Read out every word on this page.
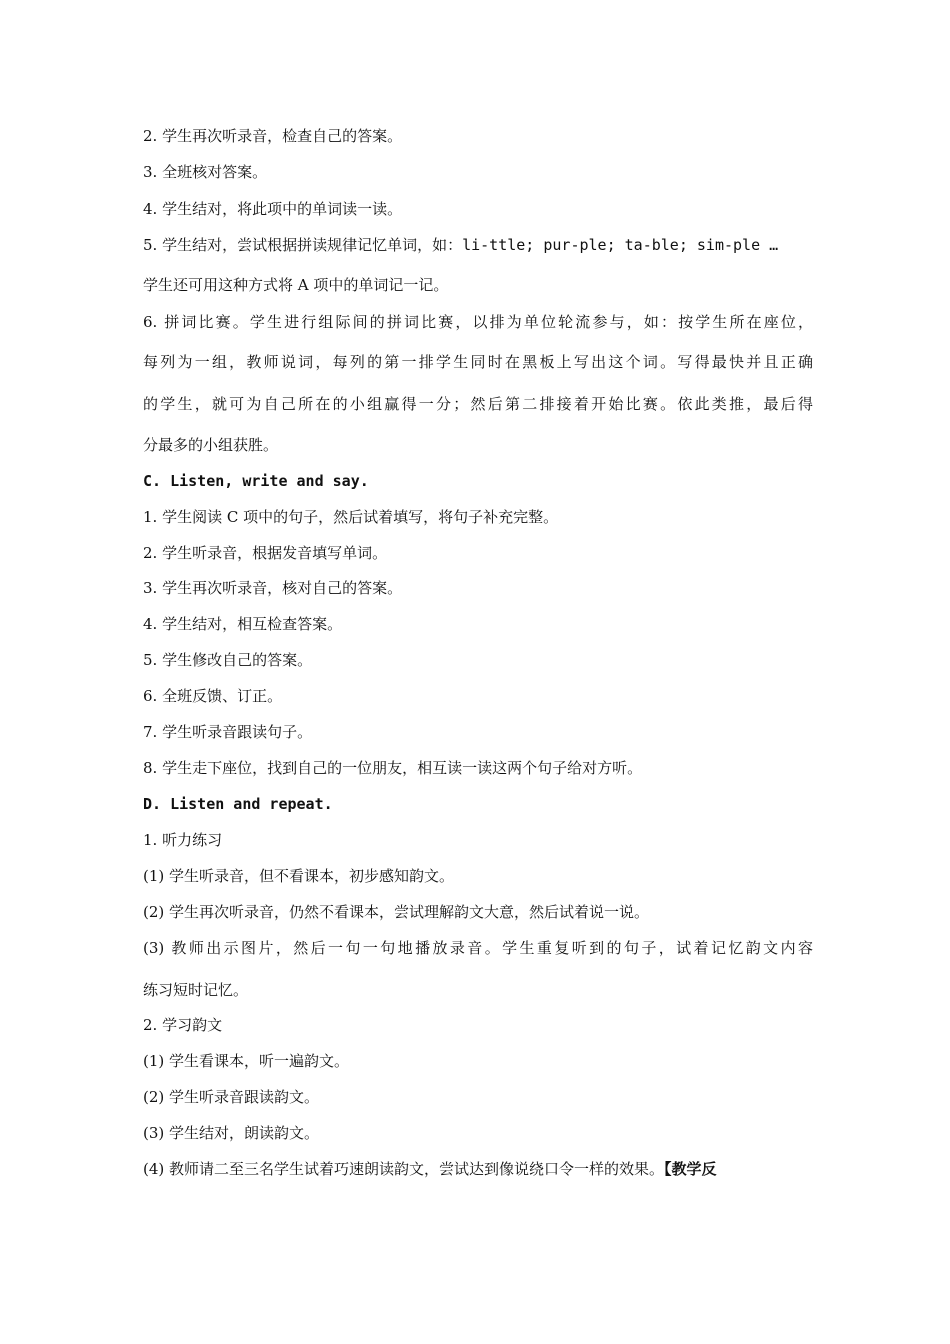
2. 学生再次听录音，检查自己的答案。
3. 全班核对答案。
4. 学生结对，将此项中的单词读一读。
5. 学生结对，尝试根据拼读规律记忆单词，如：li-ttle; pur-ple; ta-ble; sim-ple …
学生还可用这种方式将 A 项中的单词记一记。
6. 拼词比赛。学生进行组际间的拼词比赛，以排为单位轮流参与，如：按学生所在座位，
每列为一组，教师说词，每列的第一排学生同时在黑板上写出这个词。写得最快并且正确
的学生，就可为自己所在的小组赢得一分；然后第二排接着开始比赛。依此类推，最后得
分最多的小组获胜。
C. Listen, write and say.
1. 学生阅读 C 项中的句子，然后试着填写，将句子补充完整。
2. 学生听录音，根据发音填写单词。
3. 学生再次听录音，核对自己的答案。
4. 学生结对，相互检查答案。
5. 学生修改自己的答案。
6. 全班反馈、订正。
7. 学生听录音跟读句子。
8. 学生走下座位，找到自己的一位朋友，相互读一读这两个句子给对方听。
D. Listen and repeat.
1. 听力练习
(1) 学生听录音，但不看课本，初步感知韵文。
(2) 学生再次听录音，仍然不看课本，尝试理解韵文大意，然后试着说一说。
(3) 教师出示图片，然后一句一句地播放录音。学生重复听到的句子，试着记忆韵文内容
练习短时记忆。
2. 学习韵文
(1) 学生看课本，听一遍韵文。
(2) 学生听录音跟读韵文。
(3) 学生结对，朗读韵文。
(4) 教师请二至三名学生试着巧速朗读韵文，尝试达到像说绕口令一样的效果。【教学反
